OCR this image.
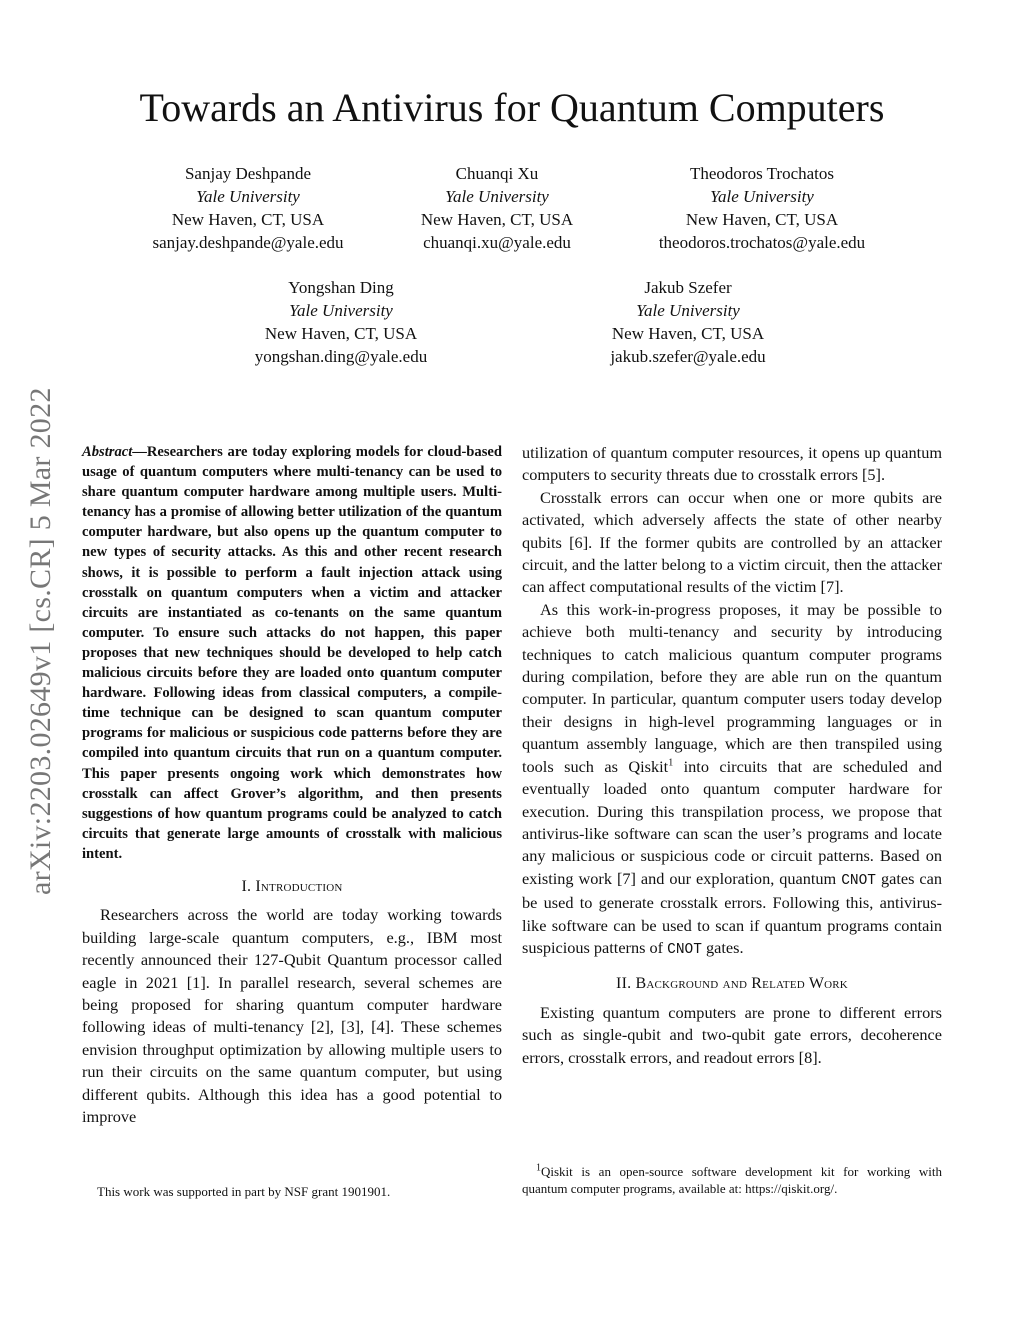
Towards an Antivirus for Quantum Computers
Sanjay Deshpande
Yale University
New Haven, CT, USA
sanjay.deshpande@yale.edu
Chuanqi Xu
Yale University
New Haven, CT, USA
chuanqi.xu@yale.edu
Theodoros Trochatos
Yale University
New Haven, CT, USA
theodoros.trochatos@yale.edu
Yongshan Ding
Yale University
New Haven, CT, USA
yongshan.ding@yale.edu
Jakub Szefer
Yale University
New Haven, CT, USA
jakub.szefer@yale.edu
arXiv:2203.02649v1 [cs.CR] 5 Mar 2022 Abstract—Researchers are today exploring models for cloud-based usage of quantum computers where multi-tenancy can be used to share quantum computer hardware among multiple users. Multi-tenancy has a promise of allowing better utilization of the quantum computer hardware, but also opens up the quantum computer to new types of security attacks. As this and other recent research shows, it is possible to perform a fault injection attack using crosstalk on quantum computers when a victim and attacker circuits are instantiated as co-tenants on the same quantum computer. To ensure such attacks do not happen, this paper proposes that new techniques should be developed to help catch malicious circuits before they are loaded onto quantum computer hardware. Following ideas from classical computers, a compile-time technique can be designed to scan quantum computer programs for malicious or suspicious code patterns before they are compiled into quantum circuits that run on a quantum computer. This paper presents ongoing work which demonstrates how crosstalk can affect Grover’s algorithm, and then presents suggestions of how quantum programs could be analyzed to catch circuits that generate large amounts of crosstalk with malicious intent.

I. Introduction

Researchers across the world are today working towards building large-scale quantum computers, e.g., IBM most recently announced their 127-Qubit Quantum processor called eagle in 2021 [1]. In parallel research, several schemes are being proposed for sharing quantum computer hardware following ideas of multi-tenancy [2], [3], [4]. These schemes envision throughput optimization by allowing multiple users to run their circuits on the same quantum computer, but using different qubits. Although this idea has a good potential to improve

This work was supported in part by NSF grant 1901901.

utilization of quantum computer resources, it opens up quantum computers to security threats due to crosstalk errors [5].

Crosstalk errors can occur when one or more qubits are activated, which adversely affects the state of other nearby qubits [6]. If the former qubits are controlled by an attacker circuit, and the latter belong to a victim circuit, then the attacker can affect computational results of the victim [7].

As this work-in-progress proposes, it may be possible to achieve both multi-tenancy and security by introducing techniques to catch malicious quantum computer programs during compilation, before they are able run on the quantum computer. In particular, quantum computer users today develop their designs in high-level programming languages or in quantum assembly language, which are then transpiled using tools such as Qiskit$^1$ into circuits that are scheduled and eventually loaded onto quantum computer hardware for execution. During this transpilation process, we propose that antivirus-like software can scan the user’s programs and locate any malicious or suspicious code or circuit patterns. Based on existing work [7] and our exploration, quantum CNOT gates can be used to generate crosstalk errors. Following this, antivirus-like software can be used to scan if quantum programs contain suspicious patterns of CNOT gates.

II. Background and Related Work

Existing quantum computers are prone to different errors such as single-qubit and two-qubit gate errors, decoherence errors, crosstalk errors, and readout errors [8].

$^1$Qiskit is an open-source software development kit for working with quantum computer programs, available at: https://qiskit.org/.
